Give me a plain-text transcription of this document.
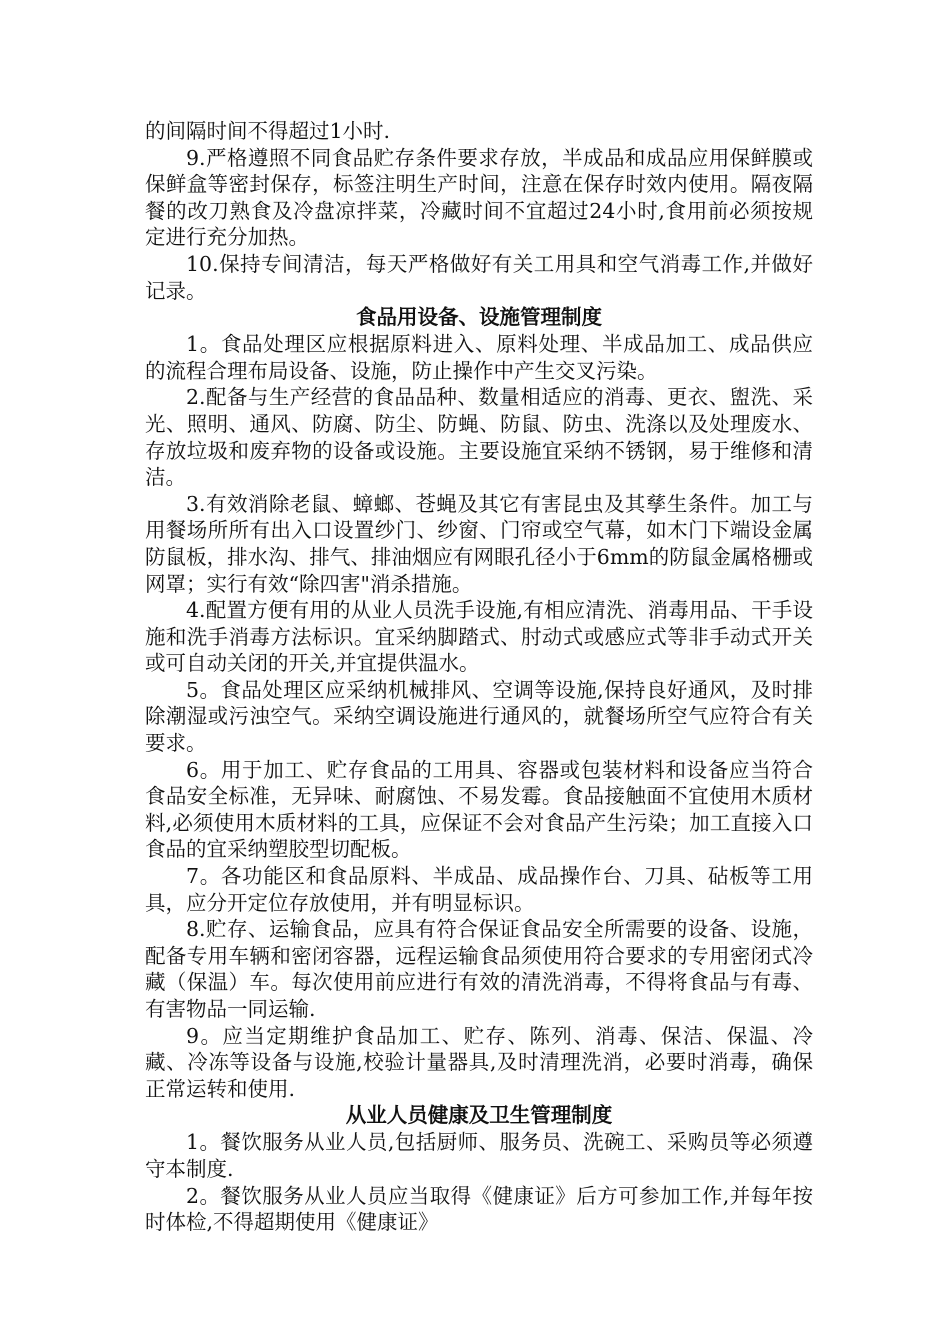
的间隔时间不得超过1小时.

9.严格遵照不同食品贮存条件要求存放，半成品和成品应用保鲜膜或保鲜盒等密封保存，标签注明生产时间，注意在保存时效内使用。隔夜隔餐的改刀熟食及冷盘凉拌菜，冷藏时间不宜超过24小时,食用前必须按规定进行充分加热。

10.保持专间清洁，每天严格做好有关工用具和空气消毒工作,并做好记录。

食品用设备、设施管理制度

1。食品处理区应根据原料进入、原料处理、半成品加工、成品供应的流程合理布局设备、设施，防止操作中产生交叉污染。

2.配备与生产经营的食品品种、数量相适应的消毒、更衣、盥洗、采光、照明、通风、防腐、防尘、防蝇、防鼠、防虫、洗涤以及处理废水、存放垃圾和废弃物的设备或设施。主要设施宜采纳不锈钢，易于维修和清洁。

3.有效消除老鼠、蟑螂、苍蝇及其它有害昆虫及其孳生条件。加工与用餐场所所有出入口设置纱门、纱窗、门帘或空气幕，如木门下端设金属防鼠板，排水沟、排气、排油烟应有网眼孔径小于6mm的防鼠金属格栅或网罩；实行有效“除四害"消杀措施。

4.配置方便有用的从业人员洗手设施,有相应清洗、消毒用品、干手设施和洗手消毒方法标识。宜采纳脚踏式、肘动式或感应式等非手动式开关或可自动关闭的开关,并宜提供温水。

5。食品处理区应采纳机械排风、空调等设施,保持良好通风，及时排除潮湿或污浊空气。采纳空调设施进行通风的，就餐场所空气应符合有关要求。

6。用于加工、贮存食品的工用具、容器或包装材料和设备应当符合食品安全标准，无异味、耐腐蚀、不易发霉。食品接触面不宜使用木质材料,必须使用木质材料的工具，应保证不会对食品产生污染；加工直接入口食品的宜采纳塑胶型切配板。

7。各功能区和食品原料、半成品、成品操作台、刀具、砧板等工用具，应分开定位存放使用，并有明显标识。

8.贮存、运输食品，应具有符合保证食品安全所需要的设备、设施，配备专用车辆和密闭容器，远程运输食品须使用符合要求的专用密闭式冷藏（保温）车。每次使用前应进行有效的清洗消毒，不得将食品与有毒、有害物品一同运输.

9。应当定期维护食品加工、贮存、陈列、消毒、保洁、保温、冷藏、冷冻等设备与设施,校验计量器具,及时清理洗消，必要时消毒，确保正常运转和使用.

从业人员健康及卫生管理制度

1。餐饮服务从业人员,包括厨师、服务员、洗碗工、采购员等必须遵守本制度.

2。餐饮服务从业人员应当取得《健康证》后方可参加工作,并每年按时体检,不得超期使用《健康证》
